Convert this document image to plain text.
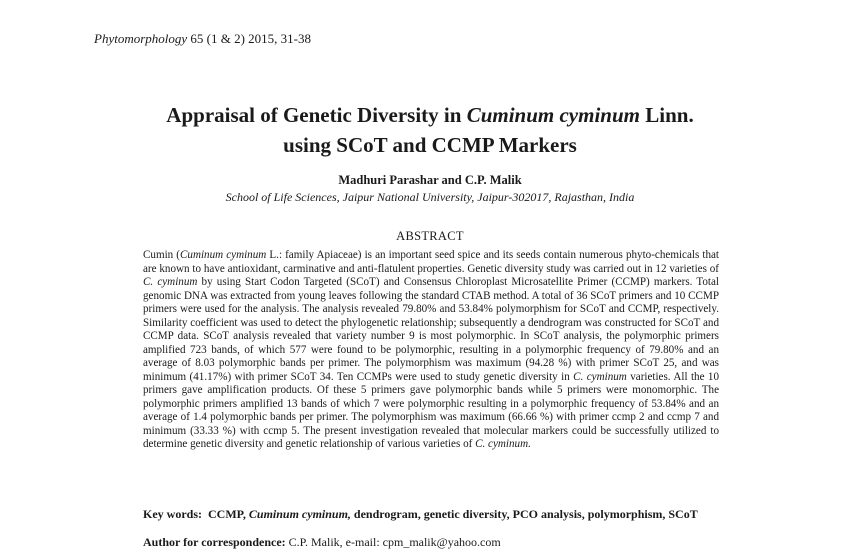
Phytomorphology 65 (1 & 2) 2015, 31-38
Appraisal of Genetic Diversity in Cuminum cyminum Linn.
using SCoT and CCMP Markers
Madhuri Parashar and C.P. Malik
School of Life Sciences, Jaipur National University, Jaipur-302017, Rajasthan, India
ABSTRACT
Cumin (Cuminum cyminum L.: family Apiaceae) is an important seed spice and its seeds contain numerous phyto-chemicals that are known to have antioxidant, carminative and anti-flatulent properties. Genetic diversity study was carried out in 12 varieties of C. cyminum by using Start Codon Targeted (SCoT) and Consensus Chloroplast Microsatellite Primer (CCMP) markers. Total genomic DNA was extracted from young leaves following the standard CTAB method. A total of 36 SCoT primers and 10 CCMP primers were used for the analysis. The analysis revealed 79.80% and 53.84% polymorphism for SCoT and CCMP, respectively. Similarity coefficient was used to detect the phylogenetic relationship; subsequently a dendrogram was constructed for SCoT and CCMP data. SCoT analysis revealed that variety number 9 is most polymorphic. In SCoT analysis, the polymorphic primers amplified 723 bands, of which 577 were found to be polymorphic, resulting in a polymorphic frequency of 79.80% and an average of 8.03 polymorphic bands per primer. The polymorphism was maximum (94.28 %) with primer SCoT 25, and was minimum (41.17%) with primer SCoT 34. Ten CCMPs were used to study genetic diversity in C. cyminum varieties. All the 10 primers gave amplification products. Of these 5 primers gave polymorphic bands while 5 primers were monomorphic. The polymorphic primers amplified 13 bands of which 7 were polymorphic resulting in a polymorphic frequency of 53.84% and an average of 1.4 polymorphic bands per primer. The polymorphism was maximum (66.66 %) with primer ccmp 2 and ccmp 7 and minimum (33.33 %) with ccmp 5. The present investigation revealed that molecular markers could be successfully utilized to determine genetic diversity and genetic relationship of various varieties of C. cyminum.
Key words: CCMP, Cuminum cyminum, dendrogram, genetic diversity, PCO analysis, polymorphism, SCoT
Author for correspondence: C.P. Malik, e-mail: cpm_malik@yahoo.com
